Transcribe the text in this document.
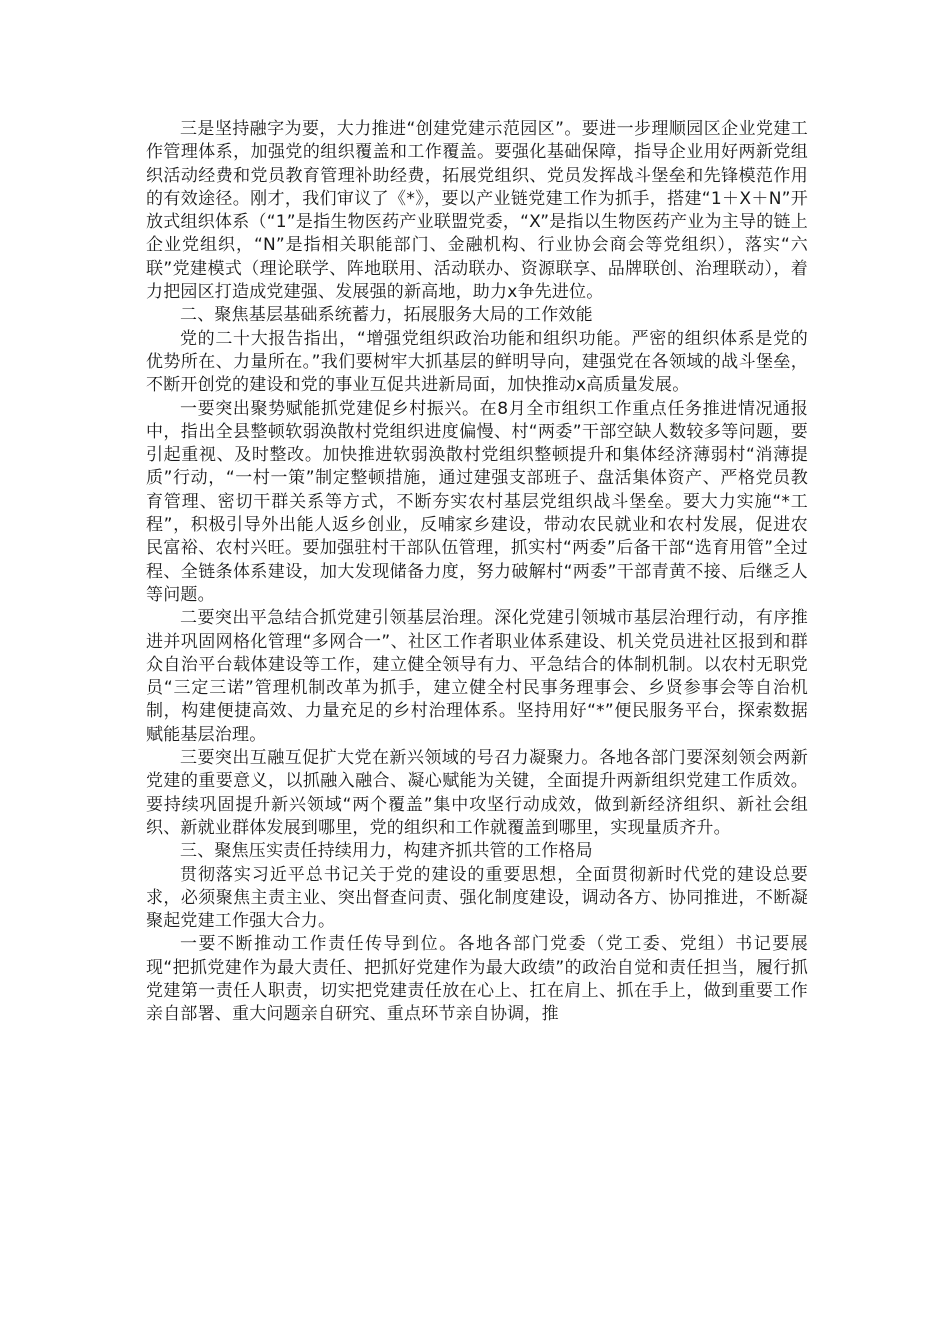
三是坚持融字为要，大力推进“创建党建示范园区”。要进一步理顺园区企业党建工作管理体系，加强党的组织覆盖和工作覆盖。要强化基础保障，指导企业用好两新党组织活动经费和党员教育管理补助经费，拓展党组织、党员发挥战斗堡垒和先锋模范作用的有效途径。刚才，我们审议了《*》，要以产业链党建工作为抓手，搭建“1＋X＋N”开放式组织体系（“1”是指生物医药产业联盟党委，“X”是指以生物医药产业为主导的链上企业党组织，“N”是指相关职能部门、金融机构、行业协会商会等党组织），落实“六联”党建模式（理论联学、阵地联用、活动联办、资源联享、品牌联创、治理联动），着力把园区打造成党建强、发展强的新高地，助力x争先进位。

二、聚焦基层基础系统蓄力，拓展服务大局的工作效能

党的二十大报告指出，“增强党组织政治功能和组织功能。严密的组织体系是党的优势所在、力量所在。”我们要树牢大抓基层的鲜明导向，建强党在各领域的战斗堡垒，不断开创党的建设和党的事业互促共进新局面，加快推动x高质量发展。

一要突出聚势赋能抓党建促乡村振兴。在8月全市组织工作重点任务推进情况通报中，指出全县整顿软弱涣散村党组织进度偏慢、村“两委”干部空缺人数较多等问题，要引起重视、及时整改。加快推进软弱涣散村党组织整顿提升和集体经济薄弱村“消薄提质”行动，“一村一策”制定整顿措施，通过建强支部班子、盘活集体资产、严格党员教育管理、密切干群关系等方式，不断夯实农村基层党组织战斗堡垒。要大力实施“*工程”，积极引导外出能人返乡创业，反哺家乡建设，带动农民就业和农村发展，促进农民富裕、农村兴旺。要加强驻村干部队伍管理，抓实村“两委”后备干部“选育用管”全过程、全链条体系建设，加大发现储备力度，努力破解村“两委”干部青黄不接、后继乏人等问题。

二要突出平急结合抓党建引领基层治理。深化党建引领城市基层治理行动，有序推进并巩固网格化管理“多网合一”、社区工作者职业体系建设、机关党员进社区报到和群众自治平台载体建设等工作，建立健全领导有力、平急结合的体制机制。以农村无职党员“三定三诺”管理机制改革为抓手，建立健全村民事务理事会、乡贤参事会等自治机制，构建便捷高效、力量充足的乡村治理体系。坚持用好“*”便民服务平台，探索数据赋能基层治理。

三要突出互融互促扩大党在新兴领域的号召力凝聚力。各地各部门要深刻领会两新党建的重要意义，以抓融入融合、凝心赋能为关键，全面提升两新组织党建工作质效。要持续巩固提升新兴领域“两个覆盖”集中攻坚行动成效，做到新经济组织、新社会组织、新就业群体发展到哪里，党的组织和工作就覆盖到哪里，实现量质齐升。

三、聚焦压实责任持续用力，构建齐抓共管的工作格局

贯彻落实习近平总书记关于党的建设的重要思想，全面贯彻新时代党的建设总要求，必须聚焦主责主业、突出督查问责、强化制度建设，调动各方、协同推进，不断凝聚起党建工作强大合力。

一要不断推动工作责任传导到位。各地各部门党委（党工委、党组）书记要展现“把抓党建作为最大责任、把抓好党建作为最大政绩”的政治自觉和责任担当，履行抓党建第一责任人职责，切实把党建责任放在心上、扛在肩上、抓在手上，做到重要工作亲自部署、重大问题亲自研究、重点环节亲自协调，推
